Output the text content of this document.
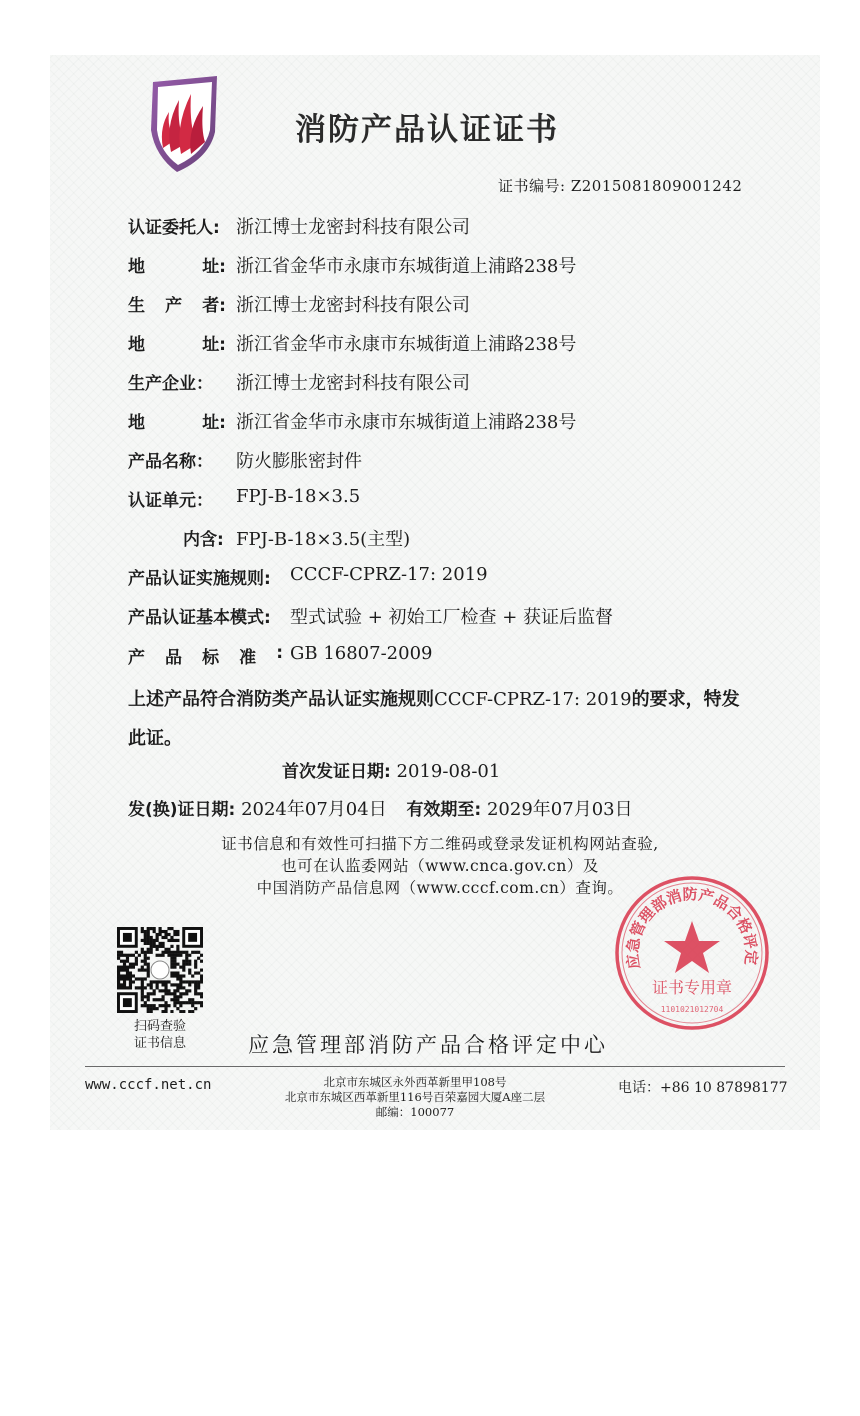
消防产品认证证书
证书编号: Z2015081809001242
认证委托人: 浙江博士龙密封科技有限公司
地	址: 浙江省金华市永康市东城街道上浦路238号
生 产 者: 浙江博士龙密封科技有限公司
地	址: 浙江省金华市永康市东城街道上浦路238号
生产企业： 浙江博士龙密封科技有限公司
地	址: 浙江省金华市永康市东城街道上浦路238号
产品名称： 防火膨胀密封件
认证单元： FPJ-B-18×3.5
内含: FPJ-B-18×3.5(主型)
产品认证实施规则: CCCF-CPRZ-17: 2019
产品认证基本模式: 型式试验 + 初始工厂检查 + 获证后监督
产 品 标 准 : GB 16807-2009
上述产品符合消防类产品认证实施规则CCCF-CPRZ-17: 2019的要求，特发此证。
首次发证日期: 2019-08-01
发(换)证日期: 2024年07月04日 有效期至: 2029年07月03日
证书信息和有效性可扫描下方二维码或登录发证机构网站查验,
也可在认监委网站（www.cnca.gov.cn）及
中国消防产品信息网（www.cccf.com.cn）查询。
扫码查验
证书信息
应急管理部消防产品合格评定
证书专用章
1101021012704
应急管理部消防产品合格评定中心
www.cccf.net.cn	北京市东城区永外西革新里甲108号
北京市东城区西革新里116号百荣嘉园大厦A座二层
邮编：100077
电话：+86 10 87898177
